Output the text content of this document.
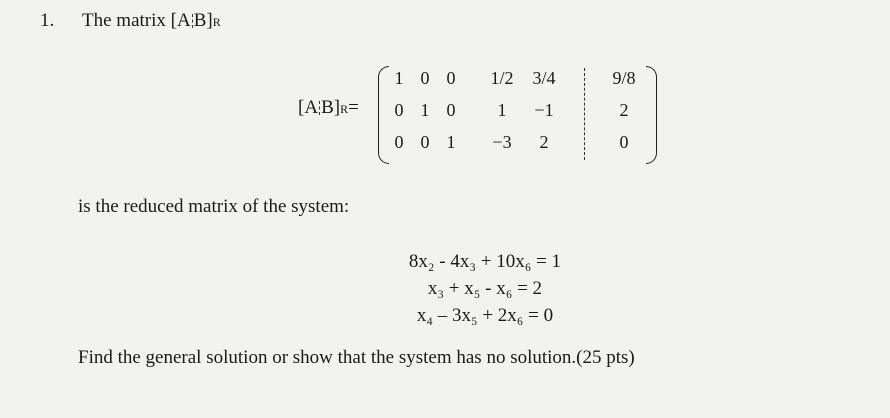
1. The matrix [A B]R
[A B]R=
1 0 0	1/2	3/4	9/8
0 1 0	1	−1	2
0 0 1	−3	2	0
is the reduced matrix of the system:
8x₂ - 4x₃ + 10x₆ = 1
x₃ + x₅ - x₆ = 2
x₄ – 3x₅ + 2x₆ = 0
Find the general solution or show that the system has no solution.(25 pts)
